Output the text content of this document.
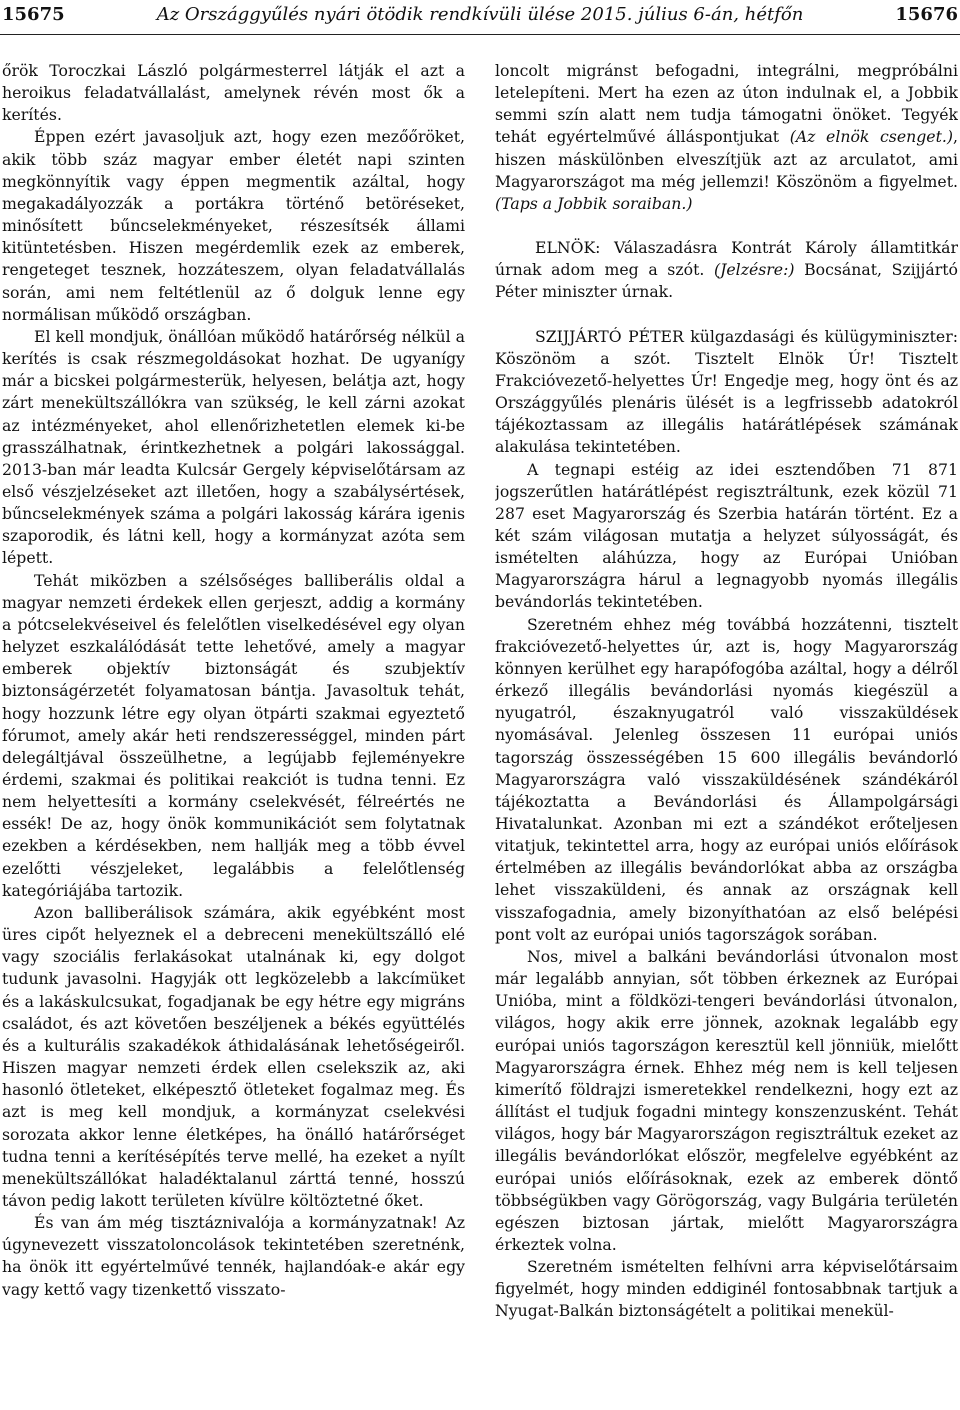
15675	Az Országgyűlés nyári ötödik rendkívüli ülése 2015. július 6-án, hétfőn	15676

őrök Toroczkai László polgármesterrel látják el azt a heroikus feladatvállalást, amelynek révén most ők a kerítés.

Éppen ezért javasoljuk azt, hogy ezen mezőőröket, akik több száz magyar ember életét napi szinten megkönnyítik vagy éppen megmentik azáltal, hogy megakadályozzák a portákra történő betöréseket, minősített bűncselekményeket, részesítsék állami kitüntetésben. Hiszen megérdemlik ezek az emberek, rengeteget tesznek, hozzáteszem, olyan feladatvállalás során, ami nem feltétlenül az ő dolguk lenne egy normálisan működő országban.

El kell mondjuk, önállóan működő határőrség nélkül a kerítés is csak részmegoldásokat hozhat. De ugyanígy már a bicskei polgármesterük, helyesen, belátja azt, hogy zárt menekültszállókra van szükség, le kell zárni azokat az intézményeket, ahol ellenőrizhetetlen elemek ki-be grasszálhatnak, érintkezhetnek a polgári lakossággal. 2013-ban már leadta Kulcsár Gergely képviselőtársam az első vészjelzéseket azt illetően, hogy a szabálysértések, bűncselekmények száma a polgári lakosság kárára igenis szaporodik, és látni kell, hogy a kormányzat azóta sem lépett.

Tehát miközben a szélsőséges balliberális oldal a magyar nemzeti érdekek ellen gerjeszt, addig a kormány a pótcselekvéseivel és felelőtlen viselkedésével egy olyan helyzet eszkalálódását tette lehetővé, amely a magyar emberek objektív biztonságát és szubjektív biztonságérzetét folyamatosan bántja. Javasoltuk tehát, hogy hozzunk létre egy olyan ötpárti szakmai egyeztető fórumot, amely akár heti rendszerességgel, minden párt delegáltjával összeülhetne, a legújabb fejleményekre érdemi, szakmai és politikai reakciót is tudna tenni. Ez nem helyettesíti a kormány cselekvését, félreértés ne essék! De az, hogy önök kommunikációt sem folytatnak ezekben a kérdésekben, nem hallják meg a több évvel ezelőtti vészjeleket, legalábbis a felelőtlenség kategóriájába tartozik.

Azon balliberálisok számára, akik egyébként most üres cipőt helyeznek el a debreceni menekültszálló elé vagy szociális ferlakásokat utalnának ki, egy dolgot tudunk javasolni. Hagyják ott legközelebb a lakcímüket és a lakáskulcsukat, fogadjanak be egy hétre egy migráns családot, és azt követően beszéljenek a békés együttélés és a kulturális szakadékok áthidalásának lehetőségeiről. Hiszen magyar nemzeti érdek ellen cselekszik az, aki hasonló ötleteket, elképesztő ötleteket fogalmaz meg. És azt is meg kell mondjuk, a kormányzat cselekvési sorozata akkor lenne életképes, ha önálló határőrséget tudna tenni a kerítésépítés terve mellé, ha ezeket a nyílt menekültszállókat haladéktalanul zárttá tenné, hosszú távon pedig lakott területen kívülre költöztetné őket.

És van ám még tisztáznivalója a kormányzatnak! Az úgynevezett visszatoloncolások tekintetében szeretnénk, ha önök itt egyértelművé tennék, hajlandóak-e akár egy vagy kettő vagy tizenkettő visszato-

loncolt migránst befogadni, integrálni, megpróbálni letelepíteni. Mert ha ezen az úton indulnak el, a Jobbik semmi szín alatt nem tudja támogatni önöket. Tegyék tehát egyértelművé álláspontjukat (Az elnök csenget.), hiszen máskülönben elveszítjük azt az arculatot, ami Magyarországot ma még jellemzi! Köszönöm a figyelmet. (Taps a Jobbik soraiban.)

ELNÖK: Válaszadásra Kontrát Károly államtitkár úrnak adom meg a szót. (Jelzésre:) Bocsánat, Szijjártó Péter miniszter úrnak.

SZIJJÁRTÓ PÉTER külgazdasági és külügyminiszter: Köszönöm a szót. Tisztelt Elnök Úr! Tisztelt Frakcióvezető-helyettes Úr! Engedje meg, hogy önt és az Országgyűlés plenáris ülését is a legfrissebb adatokról tájékoztassam az illegális határátlépések számának alakulása tekintetében.

A tegnapi estéig az idei esztendőben 71 871 jogszerűtlen határátlépést regisztráltunk, ezek közül 71 287 eset Magyarország és Szerbia határán történt. Ez a két szám világosan mutatja a helyzet súlyosságát, és ismételten aláhúzza, hogy az Európai Unióban Magyarországra hárul a legnagyobb nyomás illegális bevándorlás tekintetében.

Szeretném ehhez még továbbá hozzátenni, tisztelt frakcióvezető-helyettes úr, azt is, hogy Magyarország könnyen kerülhet egy harapófogóba azáltal, hogy a délről érkező illegális bevándorlási nyomás kiegészül a nyugatról, északnyugatról való visszaküldések nyomásával. Jelenleg összesen 11 európai uniós tagország összességében 15 600 illegális bevándorló Magyarországra való visszaküldésének szándékáról tájékoztatta a Bevándorlási és Állampolgársági Hivatalunkat. Azonban mi ezt a szándékot erőteljesen vitatjuk, tekintettel arra, hogy az európai uniós előírások értelmében az illegális bevándorlókat abba az országba lehet visszaküldeni, és annak az országnak kell visszafogadnia, amely bizonyíthatóan az első belépési pont volt az európai uniós tagországok sorában.

Nos, mivel a balkáni bevándorlási útvonalon most már legalább annyian, sőt többen érkeznek az Európai Unióba, mint a földközi-tengeri bevándorlási útvonalon, világos, hogy akik erre jönnek, azoknak legalább egy európai uniós tagországon keresztül kell jönniük, mielőtt Magyarországra érnek. Ehhez még nem is kell teljesen kimerítő földrajzi ismeretekkel rendelkezni, hogy ezt az állítást el tudjuk fogadni mintegy konszenzusként. Tehát világos, hogy bár Magyarországon regisztráltuk ezeket az illegális bevándorlókat először, megfelelve egyébként az európai uniós előírásoknak, ezek az emberek döntő többségükben vagy Görögország, vagy Bulgária területén egészen biztosan jártak, mielőtt Magyarországra érkeztek volna.

Szeretném ismételten felhívni arra képviselőtársaim figyelmét, hogy minden eddiginél fontosabbnak tartjuk a Nyugat-Balkán biztonságételt a politikai menekül-
